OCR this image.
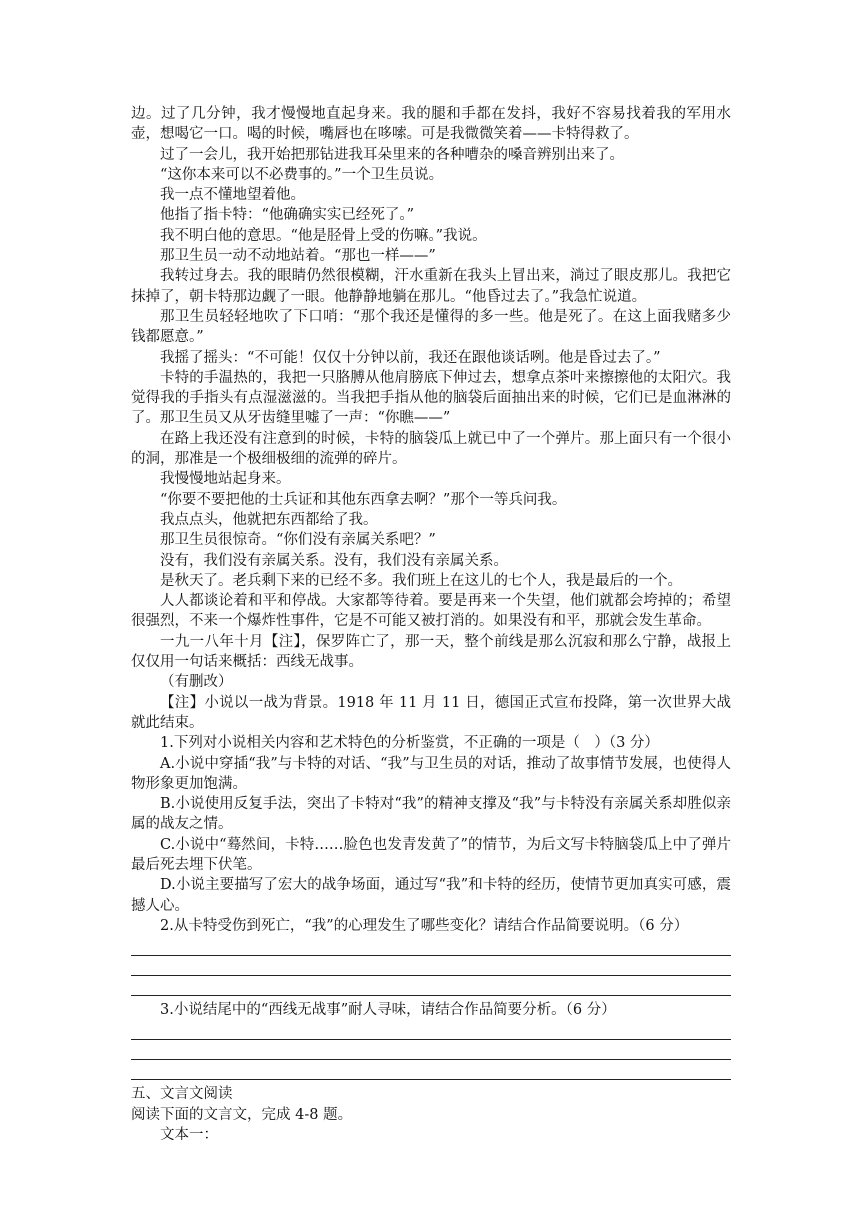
边。过了几分钟，我才慢慢地直起身来。我的腿和手都在发抖，我好不容易找着我的军用水壶，想喝它一口。喝的时候，嘴唇也在哆嗦。可是我微微笑着——卡特得救了。

过了一会儿，我开始把那钻进我耳朵里来的各种嘈杂的嗓音辨别出来了。

“这你本来可以不必费事的。”一个卫生员说。

我一点不懂地望着他。

他指了指卡特：“他确确实实已经死了。”

我不明白他的意思。“他是胫骨上受的伤嘛。”我说。

那卫生员一动不动地站着。“那也一样——”

我转过身去。我的眼睛仍然很模糊，汗水重新在我头上冒出来，淌过了眼皮那儿。我把它抹掉了，朝卡特那边觑了一眼。他静静地躺在那儿。“他昏过去了。”我急忙说道。

那卫生员轻轻地吹了下口哨：“那个我还是懂得的多一些。他是死了。在这上面我赌多少钱都愿意。”

我摇了摇头：“不可能！仅仅十分钟以前，我还在跟他谈话咧。他是昏过去了。”

卡特的手温热的，我把一只胳膊从他肩膀底下伸过去，想拿点茶叶来擦擦他的太阳穴。我觉得我的手指头有点湿滋滋的。当我把手指从他的脑袋后面抽出来的时候，它们已是血淋淋的了。那卫生员又从牙齿缝里嘘了一声：“你瞧——”

在路上我还没有注意到的时候，卡特的脑袋瓜上就已中了一个弹片。那上面只有一个很小的洞，那准是一个极细极细的流弹的碎片。

我慢慢地站起身来。

“你要不要把他的士兵证和其他东西拿去啊？”那个一等兵问我。

我点点头，他就把东西都给了我。

那卫生员很惊奇。“你们没有亲属关系吧？”

没有，我们没有亲属关系。没有，我们没有亲属关系。

是秋天了。老兵剩下来的已经不多。我们班上在这儿的七个人，我是最后的一个。

人人都谈论着和平和停战。大家都等待着。要是再来一个失望，他们就都会垮掉的；希望很强烈，不来一个爆炸性事件，它是不可能又被打消的。如果没有和平，那就会发生革命。

一九一八年十月【注】，保罗阵亡了，那一天，整个前线是那么沉寂和那么宁静，战报上仅仅用一句话来概括：西线无战事。

（有删改）

【注】小说以一战为背景。1918 年 11 月 11 日，德国正式宣布投降，第一次世界大战就此结束。

1.下列对小说相关内容和艺术特色的分析鉴赏，不正确的一项是（　）（3 分）

A.小说中穿插“我”与卡特的对话、“我”与卫生员的对话，推动了故事情节发展，也使得人物形象更加饱满。

B.小说使用反复手法，突出了卡特对“我”的精神支撑及“我”与卡特没有亲属关系却胜似亲属的战友之情。

C.小说中“蓦然间，卡特……脸色也发青发黄了”的情节，为后文写卡特脑袋瓜上中了弹片最后死去埋下伏笔。

D.小说主要描写了宏大的战争场面，通过写“我”和卡特的经历，使情节更加真实可感，震撼人心。

2.从卡特受伤到死亡，“我”的心理发生了哪些变化？请结合作品简要说明。（6 分）

3.小说结尾中的“西线无战事”耐人寻味，请结合作品简要分析。（6 分）

五、文言文阅读

阅读下面的文言文，完成 4-8 题。

文本一：
